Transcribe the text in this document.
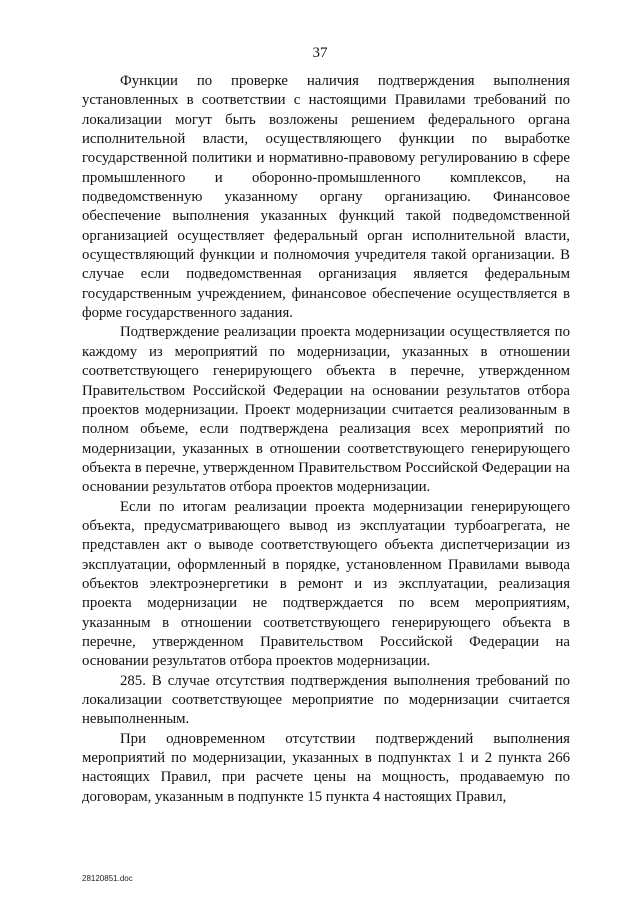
37

Функции по проверке наличия подтверждения выполнения установленных в соответствии с настоящими Правилами требований по локализации могут быть возложены решением федерального органа исполнительной власти, осуществляющего функции по выработке государственной политики и нормативно-правовому регулированию в сфере промышленного и оборонно-промышленного комплексов, на подведомственную указанному органу организацию. Финансовое обеспечение выполнения указанных функций такой подведомственной организацией осуществляет федеральный орган исполнительной власти, осуществляющий функции и полномочия учредителя такой организации. В случае если подведомственная организация является федеральным государственным учреждением, финансовое обеспечение осуществляется в форме государственного задания.

Подтверждение реализации проекта модернизации осуществляется по каждому из мероприятий по модернизации, указанных в отношении соответствующего генерирующего объекта в перечне, утвержденном Правительством Российской Федерации на основании результатов отбора проектов модернизации. Проект модернизации считается реализованным в полном объеме, если подтверждена реализация всех мероприятий по модернизации, указанных в отношении соответствующего генерирующего объекта в перечне, утвержденном Правительством Российской Федерации на основании результатов отбора проектов модернизации.

Если по итогам реализации проекта модернизации генерирующего объекта, предусматривающего вывод из эксплуатации турбоагрегата, не представлен акт о выводе соответствующего объекта диспетчеризации из эксплуатации, оформленный в порядке, установленном Правилами вывода объектов электроэнергетики в ремонт и из эксплуатации, реализация проекта модернизации не подтверждается по всем мероприятиям, указанным в отношении соответствующего генерирующего объекта в перечне, утвержденном Правительством Российской Федерации на основании результатов отбора проектов модернизации.

285. В случае отсутствия подтверждения выполнения требований по локализации соответствующее мероприятие по модернизации считается невыполненным.

При одновременном отсутствии подтверждений выполнения мероприятий по модернизации, указанных в подпунктах 1 и 2 пункта 266 настоящих Правил, при расчете цены на мощность, продаваемую по договорам, указанным в подпункте 15 пункта 4 настоящих Правил,

28120851.doc
